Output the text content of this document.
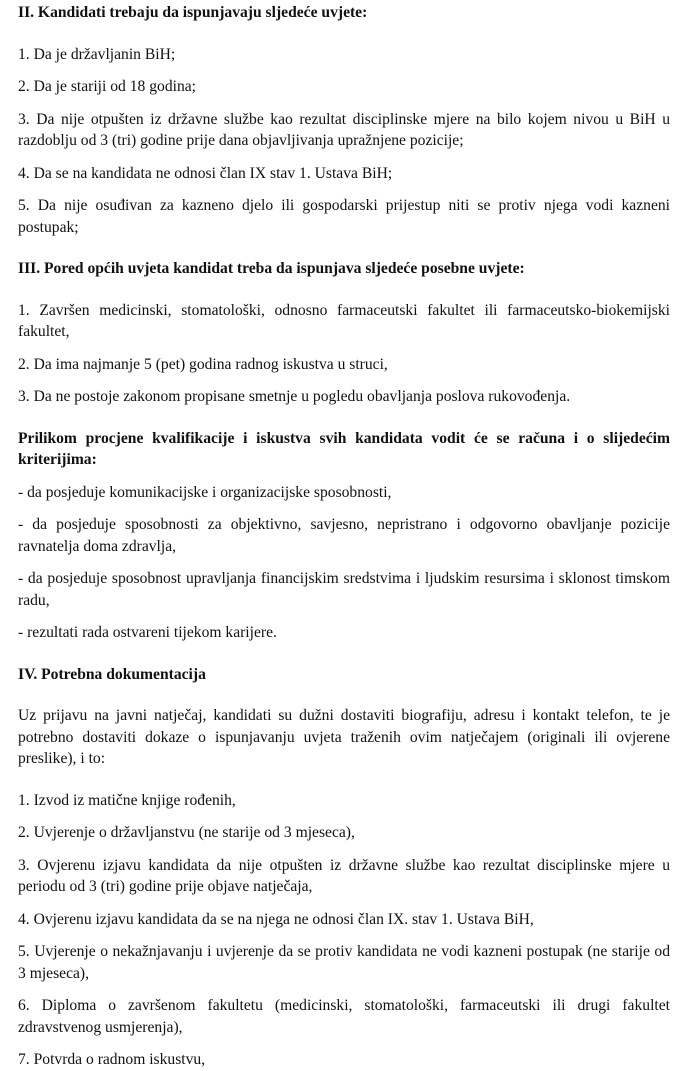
II. Kandidati trebaju da ispunjavaju sljedeće uvjete:

1. Da je državljanin BiH;

2. Da je stariji od 18 godina;

3. Da nije otpušten iz državne službe kao rezultat disciplinske mjere na bilo kojem nivou u BiH u razdoblju od 3 (tri) godine prije dana objavljivanja upražnjene pozicije;

4. Da se na kandidata ne odnosi član IX stav 1. Ustava BiH;

5. Da nije osuđivan za kazneno djelo ili gospodarski prijestup niti se protiv njega vodi kazneni postupak;

III. Pored općih uvjeta kandidat treba da ispunjava sljedeće posebne uvjete:

1. Završen medicinski, stomatološki, odnosno farmaceutski fakultet ili farmaceutsko-biokemijski fakultet,

2. Da ima najmanje 5 (pet) godina radnog iskustva u struci,

3. Da ne postoje zakonom propisane smetnje u pogledu obavljanja poslova rukovođenja.

Prilikom procjene kvalifikacije i iskustva svih kandidata vodit će se računa i o slijedećim kriterijima:

- da posjeduje komunikacijske i organizacijske sposobnosti,

- da posjeduje sposobnosti za objektivno, savjesno, nepristrano i odgovorno obavljanje pozicije ravnatelja doma zdravlja,

- da posjeduje sposobnost upravljanja financijskim sredstvima i ljudskim resursima i sklonost timskom radu,

- rezultati rada ostvareni tijekom karijere.

IV. Potrebna dokumentacija

Uz prijavu na javni natječaj, kandidati su dužni dostaviti biografiju, adresu i kontakt telefon, te je potrebno dostaviti dokaze o ispunjavanju uvjeta traženih ovim natječajem (originali ili ovjerene preslike), i to:

1. Izvod iz matične knjige rođenih,

2. Uvjerenje o državljanstvu (ne starije od 3 mjeseca),

3. Ovjerenu izjavu kandidata da nije otpušten iz državne službe kao rezultat disciplinske mjere u periodu od 3 (tri) godine prije objave natječaja,

4. Ovjerenu izjavu kandidata da se na njega ne odnosi član IX. stav 1. Ustava BiH,

5. Uvjerenje o nekažnjavanju i uvjerenje da se protiv kandidata ne vodi kazneni postupak (ne starije od 3 mjeseca),

6. Diploma o završenom fakultetu (medicinski, stomatološki, farmaceutski ili drugi fakultet zdravstvenog usmjerenja),

7. Potvrda o radnom iskustvu,
